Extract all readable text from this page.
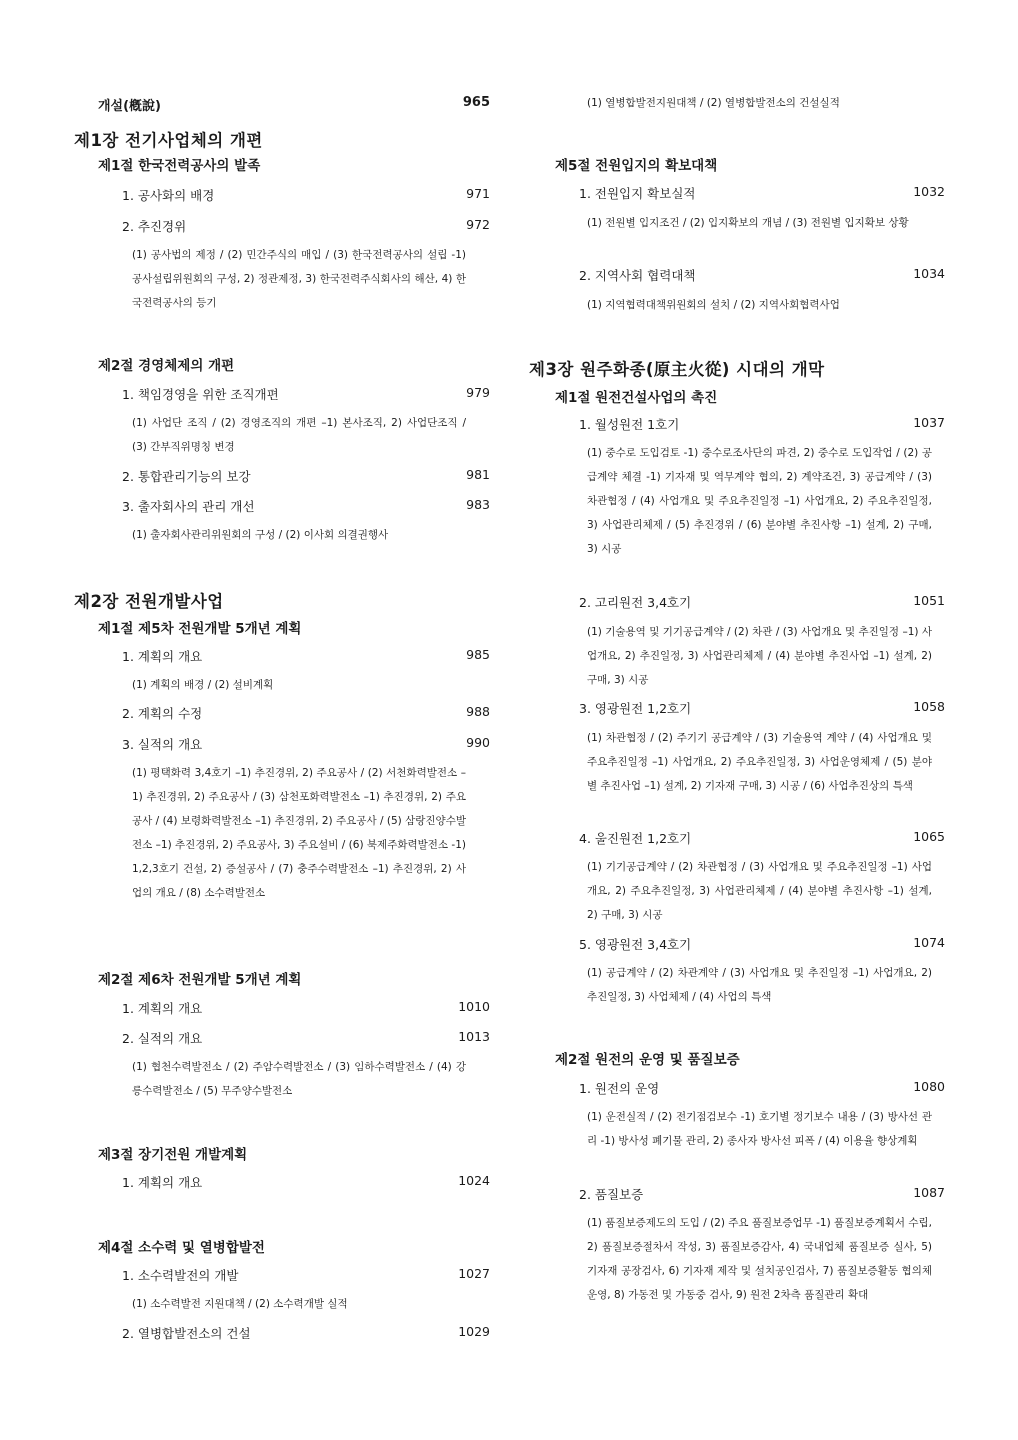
개설(槪說)	965
제1장 전기사업체의 개편
제1절 한국전력공사의 발족
1. 공사화의 배경	971
2. 추진경위	972
(1) 공사법의 제정 / (2) 민간주식의 매입 / (3) 한국전력공사의 설립 -1) 공사설립위원회의 구성, 2) 정관제정, 3) 한국전력주식회사의 해산, 4) 한국전력공사의 등기
제2절 경영체제의 개편
1. 책임경영을 위한 조직개편	979
(1) 사업단 조직 / (2) 경영조직의 개편 –1) 본사조직, 2) 사업단조직 / (3) 간부직위명칭 변경
2. 통합관리기능의 보강	981
3. 출자회사의 관리 개선	983
(1) 출자회사관리위원회의 구성 / (2) 이사회 의결권행사
제2장 전원개발사업
제1절 제5차 전원개발 5개년 계획
1. 계획의 개요	985
(1) 계획의 배경 / (2) 설비계획
2. 계획의 수정	988
3. 실적의 개요	990
(1) 평택화력 3,4호기 –1) 추진경위, 2) 주요공사 / (2) 서천화력발전소 –1) 추진경위, 2) 주요공사 / (3) 삼천포화력발전소 –1) 추진경위, 2) 주요공사 / (4) 보령화력발전소 –1) 추진경위, 2) 주요공사 / (5) 삼랑진양수발전소 –1) 추진경위, 2) 주요공사, 3) 주요설비 / (6) 북제주화력발전소 -1) 1,2,3호기 건설, 2) 증설공사 / (7) 충주수력발전소 –1) 추진경위, 2) 사업의 개요 / (8) 소수력발전소
제2절 제6차 전원개발 5개년 계획
1. 계획의 개요	1010
2. 실적의 개요	1013
(1) 협천수력발전소 / (2) 주암수력발전소 / (3) 임하수력발전소 / (4) 강릉수력발전소 / (5) 무주양수발전소
제3절 장기전원 개발계획
1. 계획의 개요	1024
제4절 소수력 및 열병합발전
1. 소수력발전의 개발	1027
(1) 소수력발전 지원대책 / (2) 소수력개발 실적
2. 열병합발전소의 건설	1029
(1) 열병합발전지원대책 / (2) 열병합발전소의 건설실적
제5절 전원입지의 확보대책
1. 전원입지 확보실적	1032
(1) 전원별 입지조건 / (2) 입지확보의 개념 / (3) 전원별 입지확보 상황
2. 지역사회 협력대책	1034
(1) 지역협력대책위원회의 설치 / (2) 지역사회협력사업
제3장 원주화종(原主火從) 시대의 개막
제1절 원전건설사업의 촉진
1. 월성원전 1호기	1037
(1) 중수로 도입검토 -1) 중수로조사단의 파견, 2) 중수로 도입작업 / (2) 공급계약 체결 -1) 기자재 및 역무계약 협의, 2) 계약조건, 3) 공급계약 / (3) 차관협정 / (4) 사업개요 및 주요추진일정 –1) 사업개요, 2) 주요추진일정, 3) 사업관리체제 / (5) 추진경위 / (6) 분야별 추진사항 –1) 설계, 2) 구매, 3) 시공
2. 고리원전 3,4호기	1051
(1) 기술용역 및 기기공급계약 / (2) 차관 / (3) 사업개요 및 추진일정 –1) 사업개요, 2) 추진일정, 3) 사업관리체제 / (4) 분야별 추진사업 –1) 설계, 2) 구매, 3) 시공
3. 영광원전 1,2호기	1058
(1) 차관협정 / (2) 주기기 공급계약 / (3) 기술용역 계약 / (4) 사업개요 및 주요추진일정 –1) 사업개요, 2) 주요추진일정, 3) 사업운영체제 / (5) 분야별 추진사업 –1) 설계, 2) 기자재 구매, 3) 시공 / (6) 사업추진상의 특색
4. 울진원전 1,2호기	1065
(1) 기기공급계약 / (2) 차관협정 / (3) 사업개요 및 주요추진일정 –1) 사업개요, 2) 주요추진일정, 3) 사업관리체제 / (4) 분야별 추진사항 –1) 설계, 2) 구매, 3) 시공
5. 영광원전 3,4호기	1074
(1) 공급계약 / (2) 차관계약 / (3) 사업개요 및 추진일정 –1) 사업개요, 2) 추진일정, 3) 사업체제 / (4) 사업의 특색
제2절 원전의 운영 및 품질보증
1. 원전의 운영	1080
(1) 운전실적 / (2) 전기점검보수 -1) 호기별 정기보수 내용 / (3) 방사선 관리 -1) 방사성 폐기물 관리, 2) 종사자 방사선 피폭 / (4) 이용율 향상계획
2. 품질보증	1087
(1) 품질보증제도의 도입 / (2) 주요 품질보증업무 -1) 품질보증계획서 수립, 2) 품질보증절차서 작성, 3) 품질보증감사, 4) 국내업체 품질보증 실사, 5) 기자재 공장검사, 6) 기자재 제작 및 설치공인검사, 7) 품질보증활동 협의체 운영, 8) 가동전 및 가동중 검사, 9) 원전 2차측 품질관리 확대
